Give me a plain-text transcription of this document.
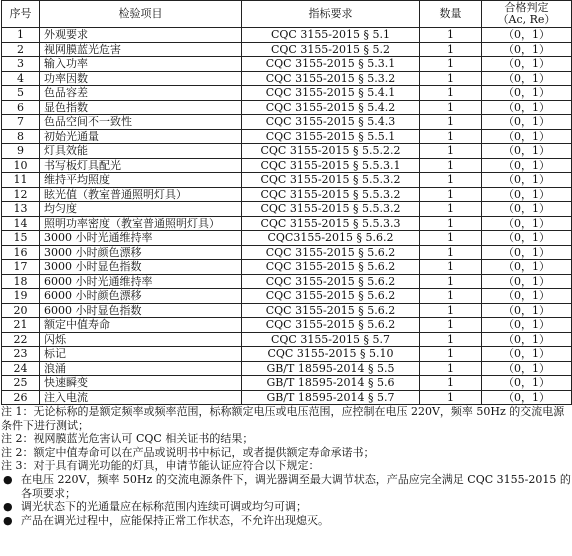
序号	检验项目	指标要求	数量	合格判定
（Ac, Re）

1	外观要求	CQC 3155-2015 § 5.1	1	（0，1）
2	视网膜蓝光危害	CQC 3155-2015 § 5.2	1	（0，1）
3	输入功率	CQC 3155-2015 § 5.3.1	1	（0，1）
4	功率因数	CQC 3155-2015 § 5.3.2	1	（0，1）
5	色品容差	CQC 3155-2015 § 5.4.1	1	（0，1）
6	显色指数	CQC 3155-2015 § 5.4.2	1	（0，1）
7	色品空间不一致性	CQC 3155-2015 § 5.4.3	1	（0，1）
8	初始光通量	CQC 3155-2015 § 5.5.1	1	（0，1）
9	灯具效能	CQC 3155-2015 § 5.5.2.2	1	（0，1）
10	书写板灯具配光	CQC 3155-2015 § 5.5.3.1	1	（0，1）
11	维持平均照度	CQC 3155-2015 § 5.5.3.2	1	（0，1）
12	眩光值（教室普通照明灯具）	CQC 3155-2015 § 5.5.3.2	1	（0，1）
13	均匀度	CQC 3155-2015 § 5.5.3.2	1	（0，1）
14	照明功率密度（教室普通照明灯具）	CQC 3155-2015 § 5.5.3.3	1	（0，1）
15	3000 小时光通维持率	CQC3155-2015 § 5.6.2	1	（0，1）
16	3000 小时颜色漂移	CQC 3155-2015 § 5.6.2	1	（0，1）
17	3000 小时显色指数	CQC 3155-2015 § 5.6.2	1	（0，1）
18	6000 小时光通维持率	CQC 3155-2015 § 5.6.2	1	（0，1）
19	6000 小时颜色漂移	CQC 3155-2015 § 5.6.2	1	（0，1）
20	6000 小时显色指数	CQC 3155-2015 § 5.6.2	1	（0，1）
21	额定中值寿命	CQC 3155-2015 § 5.6.2	1	（0，1）
22	闪烁	CQC 3155-2015 § 5.7	1	（0，1）
23	标记	CQC 3155-2015 § 5.10	1	（0，1）
24	浪涌	GB/T 18595-2014 § 5.5	1	（0，1）
25	快速瞬变	GB/T 18595-2014 § 5.6	1	（0，1）
26	注入电流	GB/T 18595-2014 § 5.7	1	（0，1）
注 1：无论标称的是额定频率或频率范围，标称额定电压或电压范围，应控制在电压 220V，频率 50Hz 的交流电源
条件下进行测试；
注 2：视网膜蓝光危害认可 CQC 相关证书的结果；
注 2：额定中值寿命可以在产品或说明书中标记，或者提供额定寿命承诺书；
注 3：对于具有调光功能的灯具，申请节能认证应符合以下规定：
● 在电压 220V，频率 50Hz 的交流电源条件下，调光器调至最大调节状态，产品应完全满足 CQC 3155-2015 的
各项要求；
● 调光状态下的光通量应在标称范围内连续可调或均匀可调；
● 产品在调光过程中，应能保持正常工作状态，不允许出现熄灭。
